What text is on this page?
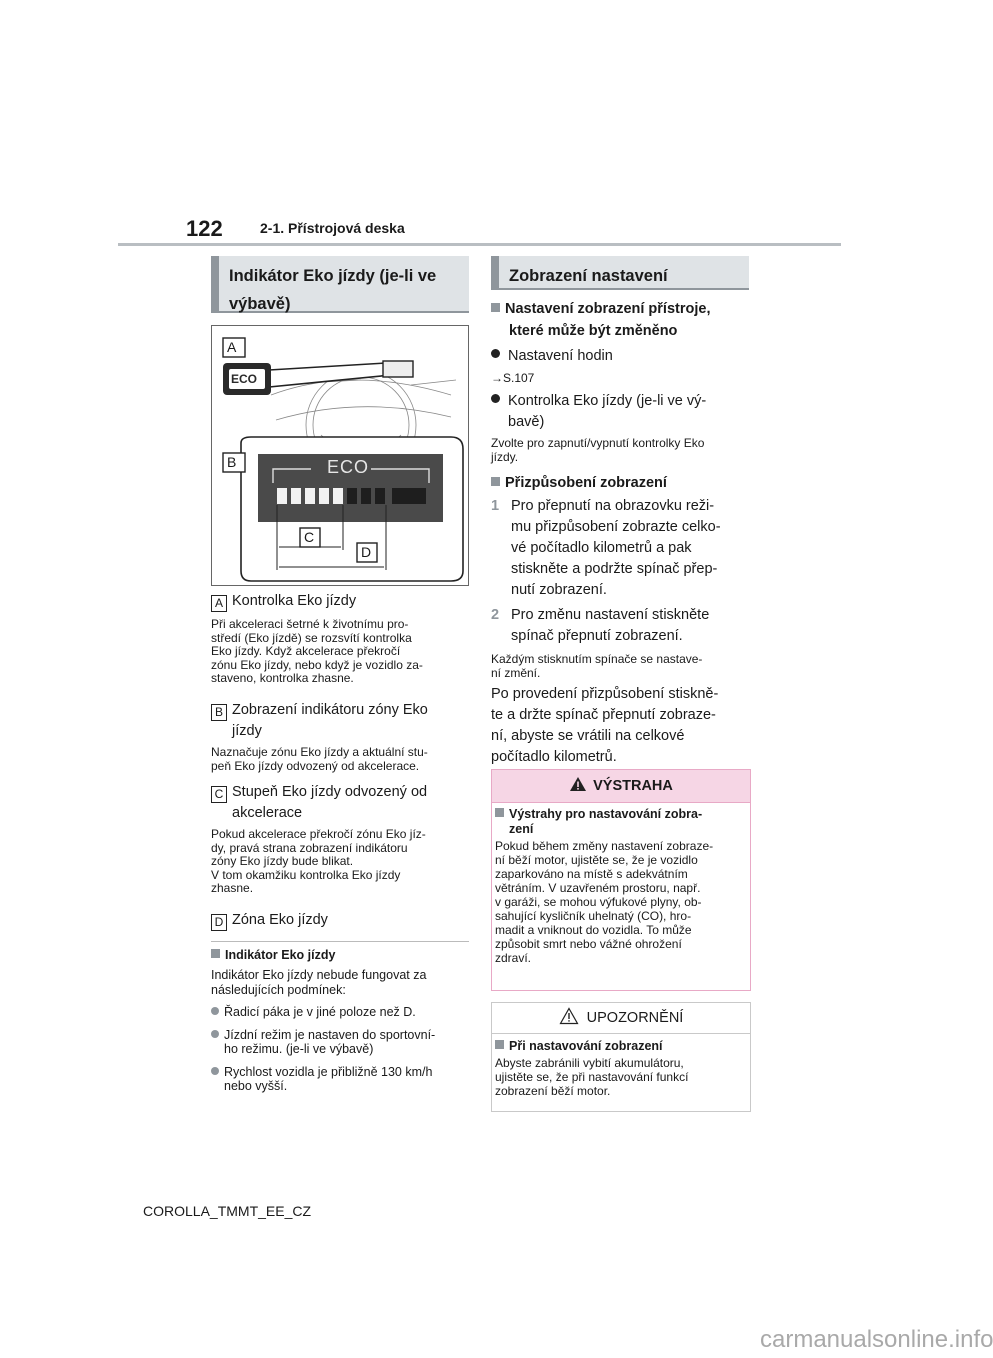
122	2-1. Přístrojová deska
Indikátor Eko jízdy (je-li ve
výbavě)
A
ECO
B	ECO
C
D
A Kontrolka Eko jízdy
Při akceleraci šetrné k životnímu pro-
středí (Eko jízdě) se rozsvítí kontrolka
Eko jízdy. Když akcelerace překročí
zónu Eko jízdy, nebo když je vozidlo za-
staveno, kontrolka zhasne.
B Zobrazení indikátoru zóny Eko
jízdy
Naznačuje zónu Eko jízdy a aktuální stu-
peň Eko jízdy odvozený od akcelerace.
C Stupeň Eko jízdy odvozený od
akcelerace
Pokud akcelerace překročí zónu Eko jíz-
dy, pravá strana zobrazení indikátoru
zóny Eko jízdy bude blikat.
V tom okamžiku kontrolka Eko jízdy
zhasne.
D Zóna Eko jízdy
Indikátor Eko jízdy
Indikátor Eko jízdy nebude fungovat za
následujících podmínek:
Řadicí páka je v jiné poloze než D.
Jízdní režim je nastaven do sportovní-
ho režimu. (je-li ve výbavě)
Rychlost vozidla je přibližně 130 km/h
nebo vyšší.
Zobrazení nastavení
Nastavení zobrazení přístroje,
které může být změněno
Nastavení hodin
→S.107
Kontrolka Eko jízdy (je-li ve vý-
bavě)
Zvolte pro zapnutí/vypnutí kontrolky Eko
jízdy.
Přizpůsobení zobrazení
1 Pro přepnutí na obrazovku reži-
mu přizpůsobení zobrazte celko-
vé počítadlo kilometrů a pak
stiskněte a podržte spínač přep-
nutí zobrazení.
2 Pro změnu nastavení stiskněte
spínač přepnutí zobrazení.
Každým stisknutím spínače se nastave-
ní změní.
Po provedení přizpůsobení stiskně-
te a držte spínač přepnutí zobraze-
ní, abyste se vrátili na celkové
počítadlo kilometrů.
VÝSTRAHA
Výstrahy pro nastavování zobra-
zení
Pokud během změny nastavení zobraze-
ní běží motor, ujistěte se, že je vozidlo
zaparkováno na místě s adekvátním
větráním. V uzavřeném prostoru, např.
v garáži, se mohou výfukové plyny, ob-
sahující kysličník uhelnatý (CO), hro-
madit a vniknout do vozidla. To může
způsobit smrt nebo vážné ohrožení
zdraví.
UPOZORNĚNÍ
Při nastavování zobrazení
Abyste zabránili vybití akumulátoru,
ujistěte se, že při nastavování funkcí
zobrazení běží motor.
COROLLA_TMMT_EE_CZ
carmanualsonline.info
